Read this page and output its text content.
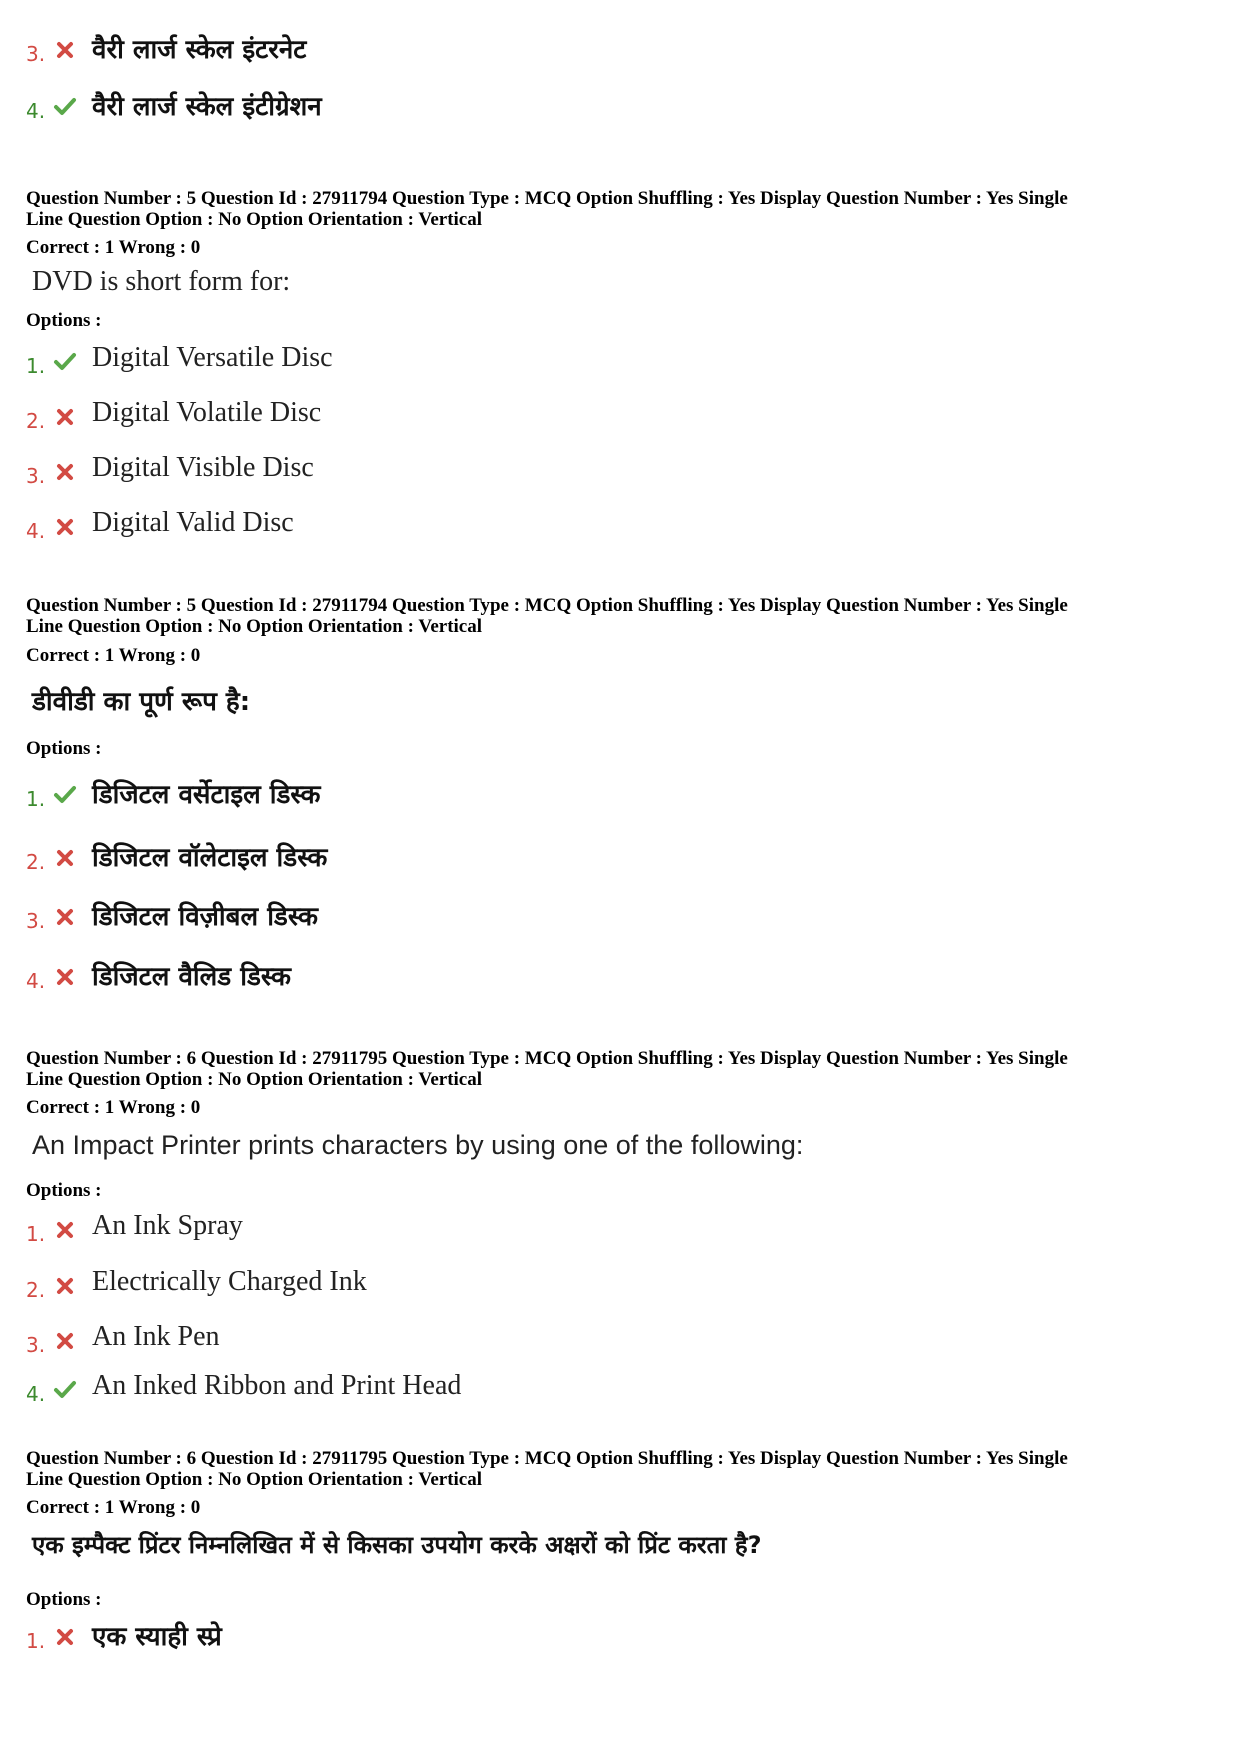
3. वैरी लार्ज स्केल इंटरनेट
4. वैरी लार्ज स्केल इंटीग्रेशन
Question Number : 5 Question Id : 27911794 Question Type : MCQ Option Shuffling : Yes Display Question Number : Yes Single
Line Question Option : No Option Orientation : Vertical
Correct : 1 Wrong : 0
DVD is short form for:
Options :
1. Digital Versatile Disc
2. Digital Volatile Disc
3. Digital Visible Disc
4. Digital Valid Disc
Question Number : 5 Question Id : 27911794 Question Type : MCQ Option Shuffling : Yes Display Question Number : Yes Single
Line Question Option : No Option Orientation : Vertical
Correct : 1 Wrong : 0
डीवीडी का पूर्ण रूप है:
Options :
1. डिजिटल वर्सेटाइल डिस्क
2. डिजिटल वॉलेटाइल डिस्क
3. डिजिटल विज़ीबल डिस्क
4. डिजिटल वैलिड डिस्क
Question Number : 6 Question Id : 27911795 Question Type : MCQ Option Shuffling : Yes Display Question Number : Yes Single
Line Question Option : No Option Orientation : Vertical
Correct : 1 Wrong : 0
An Impact Printer prints characters by using one of the following:
Options :
1. An Ink Spray
2. Electrically Charged Ink
3. An Ink Pen
4. An Inked Ribbon and Print Head
Question Number : 6 Question Id : 27911795 Question Type : MCQ Option Shuffling : Yes Display Question Number : Yes Single
Line Question Option : No Option Orientation : Vertical
Correct : 1 Wrong : 0
एक इम्पैक्ट प्रिंटर निम्नलिखित में से किसका उपयोग करके अक्षरों को प्रिंट करता है?
Options :
1. एक स्याही स्प्रे
